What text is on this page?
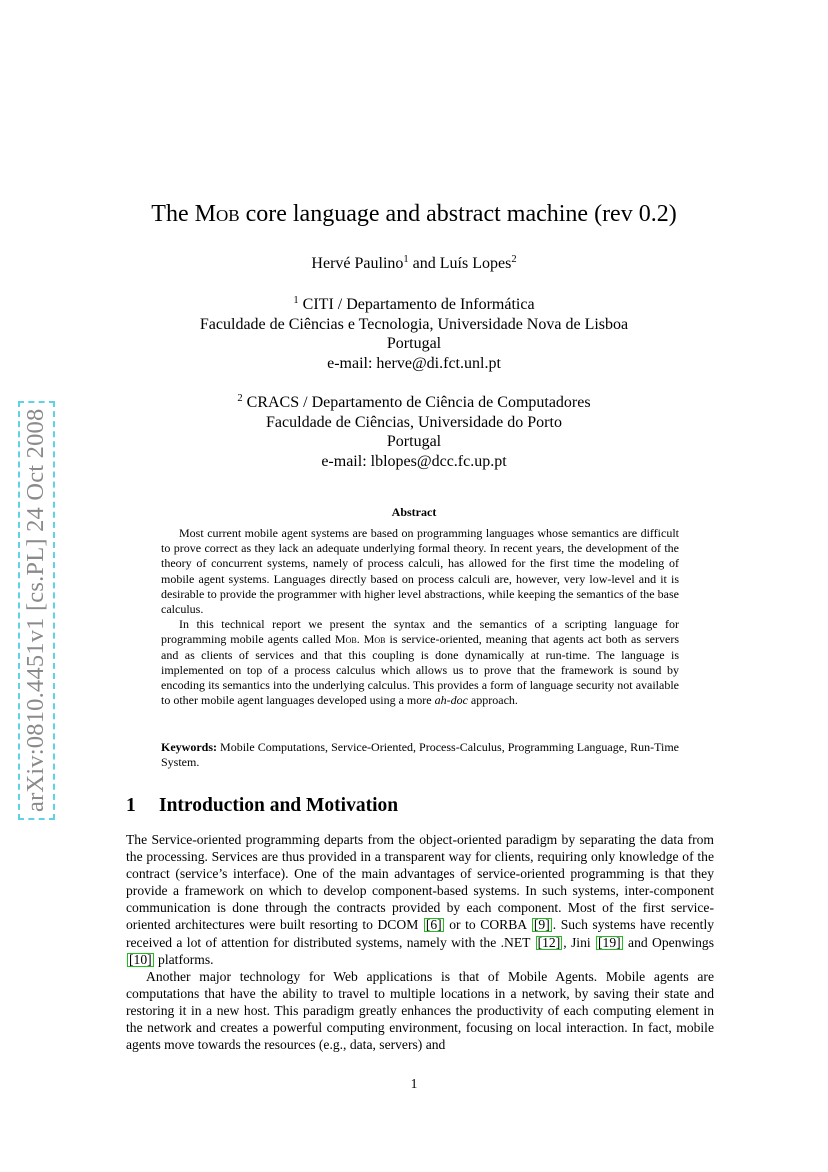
arXiv:0810.4451v1 [cs.PL] 24 Oct 2008
The Mob core language and abstract machine (rev 0.2)
Hervé Paulino$^1$ and Luís Lopes$^2$
$^1$ CITI / Departamento de Informática
Faculdade de Ciências e Tecnologia, Universidade Nova de Lisboa
Portugal
e-mail: herve@di.fct.unl.pt
$^2$ CRACS / Departamento de Ciência de Computadores
Faculdade de Ciências, Universidade do Porto
Portugal
e-mail: lblopes@dcc.fc.up.pt
Abstract

Most current mobile agent systems are based on programming languages whose semantics are difficult to prove correct as they lack an adequate underlying formal theory. In recent years, the development of the theory of concurrent systems, namely of process calculi, has allowed for the first time the modeling of mobile agent systems. Languages directly based on process calculi are, however, very low-level and it is desirable to provide the programmer with higher level abstractions, while keeping the semantics of the base calculus.

In this technical report we present the syntax and the semantics of a scripting language for programming mobile agents called Mob. Mob is service-oriented, meaning that agents act both as servers and as clients of services and that this coupling is done dynamically at run-time. The language is implemented on top of a process calculus which allows us to prove that the framework is sound by encoding its semantics into the underlying calculus. This provides a form of language security not available to other mobile agent languages developed using a more ah-doc approach.

Keywords: Mobile Computations, Service-Oriented, Process-Calculus, Programming Language, Run-Time System.
1 Introduction and Motivation

The Service-oriented programming departs from the object-oriented paradigm by separating the data from the processing. Services are thus provided in a transparent way for clients, requiring only knowledge of the contract (service’s interface). One of the main advantages of service-oriented programming is that they provide a framework on which to develop component-based systems. In such systems, inter-component communication is done through the contracts provided by each component. Most of the first service-oriented architectures were built resorting to DCOM [6] or to CORBA [9] . Such systems have recently received a lot of attention for distributed systems, namely with the .NET [12] , Jini [19] and Openwings [10] platforms.

Another major technology for Web applications is that of Mobile Agents. Mobile agents are computations that have the ability to travel to multiple locations in a network, by saving their state and restoring it in a new host. This paradigm greatly enhances the productivity of each computing element in the network and creates a powerful computing environment, focusing on local interaction. In fact, mobile agents move towards the resources (e.g., data, servers) and

1
